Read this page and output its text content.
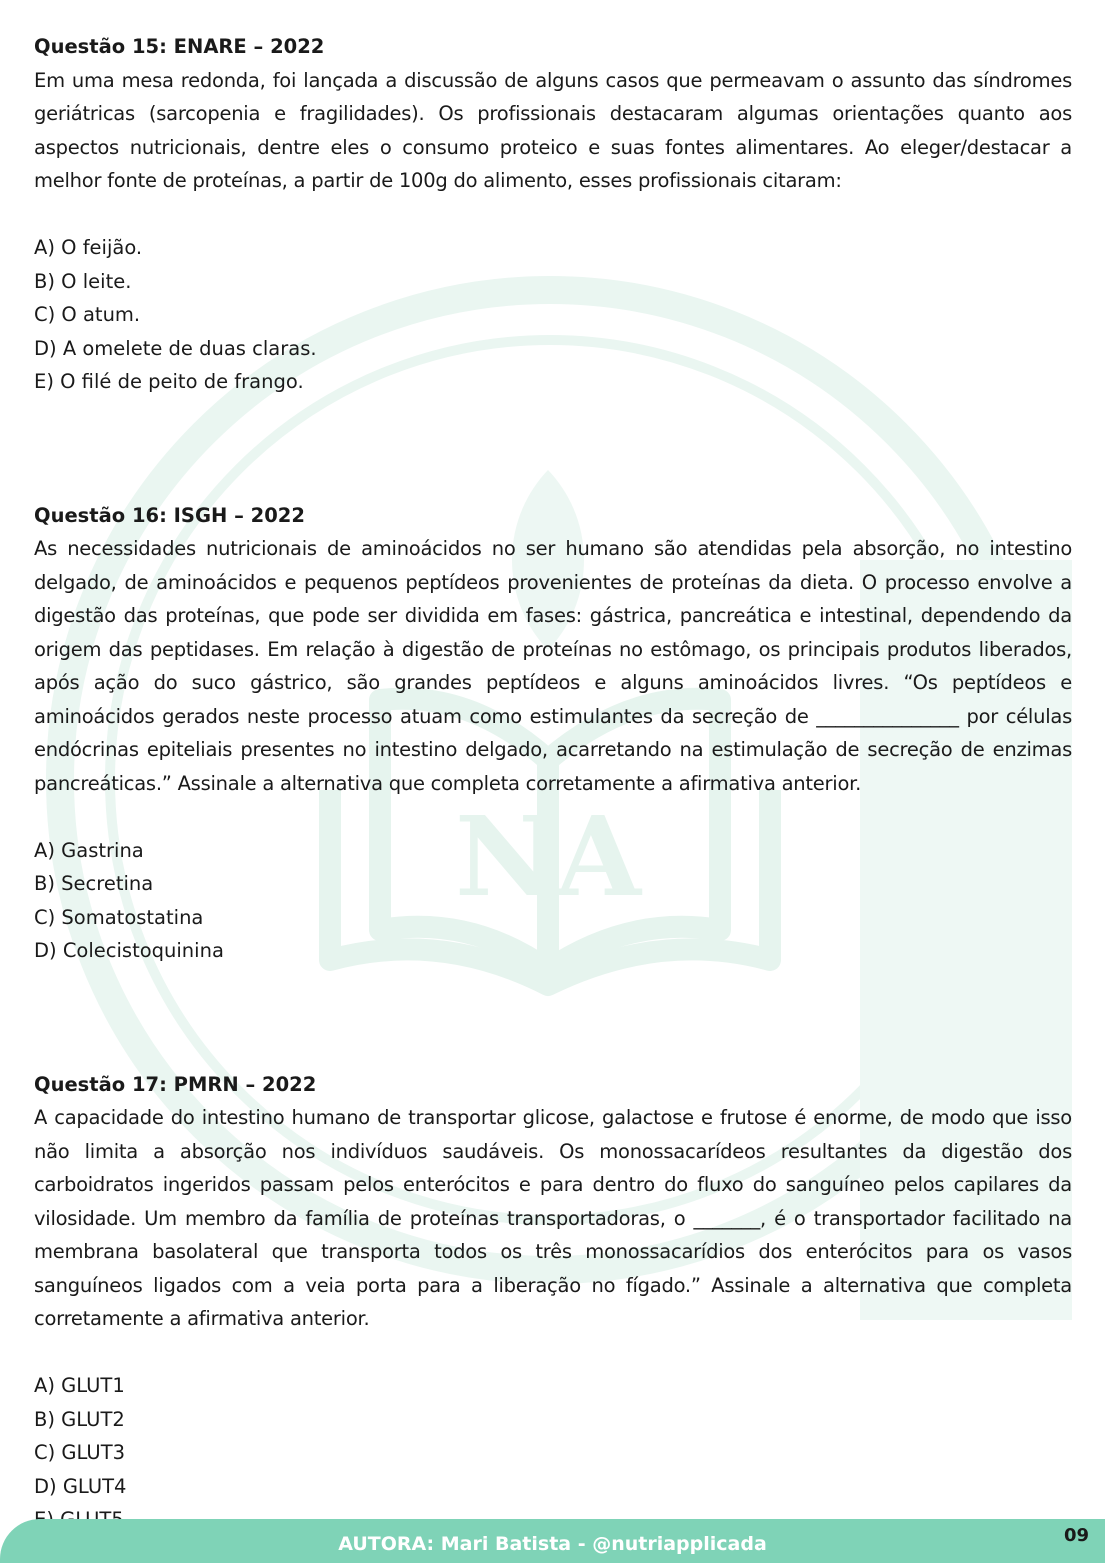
NA

Questão 15: ENARE – 2022

Em uma mesa redonda, foi lançada a discussão de alguns casos que permeavam o assunto das síndromes geriátricas (sarcopenia e fragilidades). Os profissionais destacaram algumas orientações quanto aos aspectos nutricionais, dentre eles o consumo proteico e suas fontes alimentares. Ao eleger/destacar a melhor fonte de proteínas, a partir de 100g do alimento, esses profissionais citaram:

A) O feijão.
B) O leite.
C) O atum.
D) A omelete de duas claras.
E) O filé de peito de frango.

Questão 16: ISGH – 2022

As necessidades nutricionais de aminoácidos no ser humano são atendidas pela absorção, no intestino delgado, de aminoácidos e pequenos peptídeos provenientes de proteínas da dieta. O processo envolve a digestão das proteínas, que pode ser dividida em fases: gástrica, pancreática e intestinal, dependendo da origem das peptidases. Em relação à digestão de proteínas no estômago, os principais produtos liberados, após ação do suco gástrico, são grandes peptídeos e alguns aminoácidos livres. “Os peptídeos e aminoácidos gerados neste processo atuam como estimulantes da secreção de _______________ por células endócrinas epiteliais presentes no intestino delgado, acarretando na estimulação de secreção de enzimas pancreáticas.” Assinale a alternativa que completa corretamente a afirmativa anterior.

A) Gastrina
B) Secretina
C) Somatostatina
D) Colecistoquinina

Questão 17: PMRN – 2022

A capacidade do intestino humano de transportar glicose, galactose e frutose é enorme, de modo que isso não limita a absorção nos indivíduos saudáveis. Os monossacarídeos resultantes da digestão dos carboidratos ingeridos passam pelos enterócitos e para dentro do fluxo do sanguíneo pelos capilares da vilosidade. Um membro da família de proteínas transportadoras, o _______, é o transportador facilitado na membrana basolateral que transporta todos os três monossacarídios dos enterócitos para os vasos sanguíneos ligados com a veia porta para a liberação no fígado.” Assinale a alternativa que completa corretamente a afirmativa anterior.

A) GLUT1
B) GLUT2
C) GLUT3
D) GLUT4
AUTORA: Mari Batista - @nutriapplicada	09
